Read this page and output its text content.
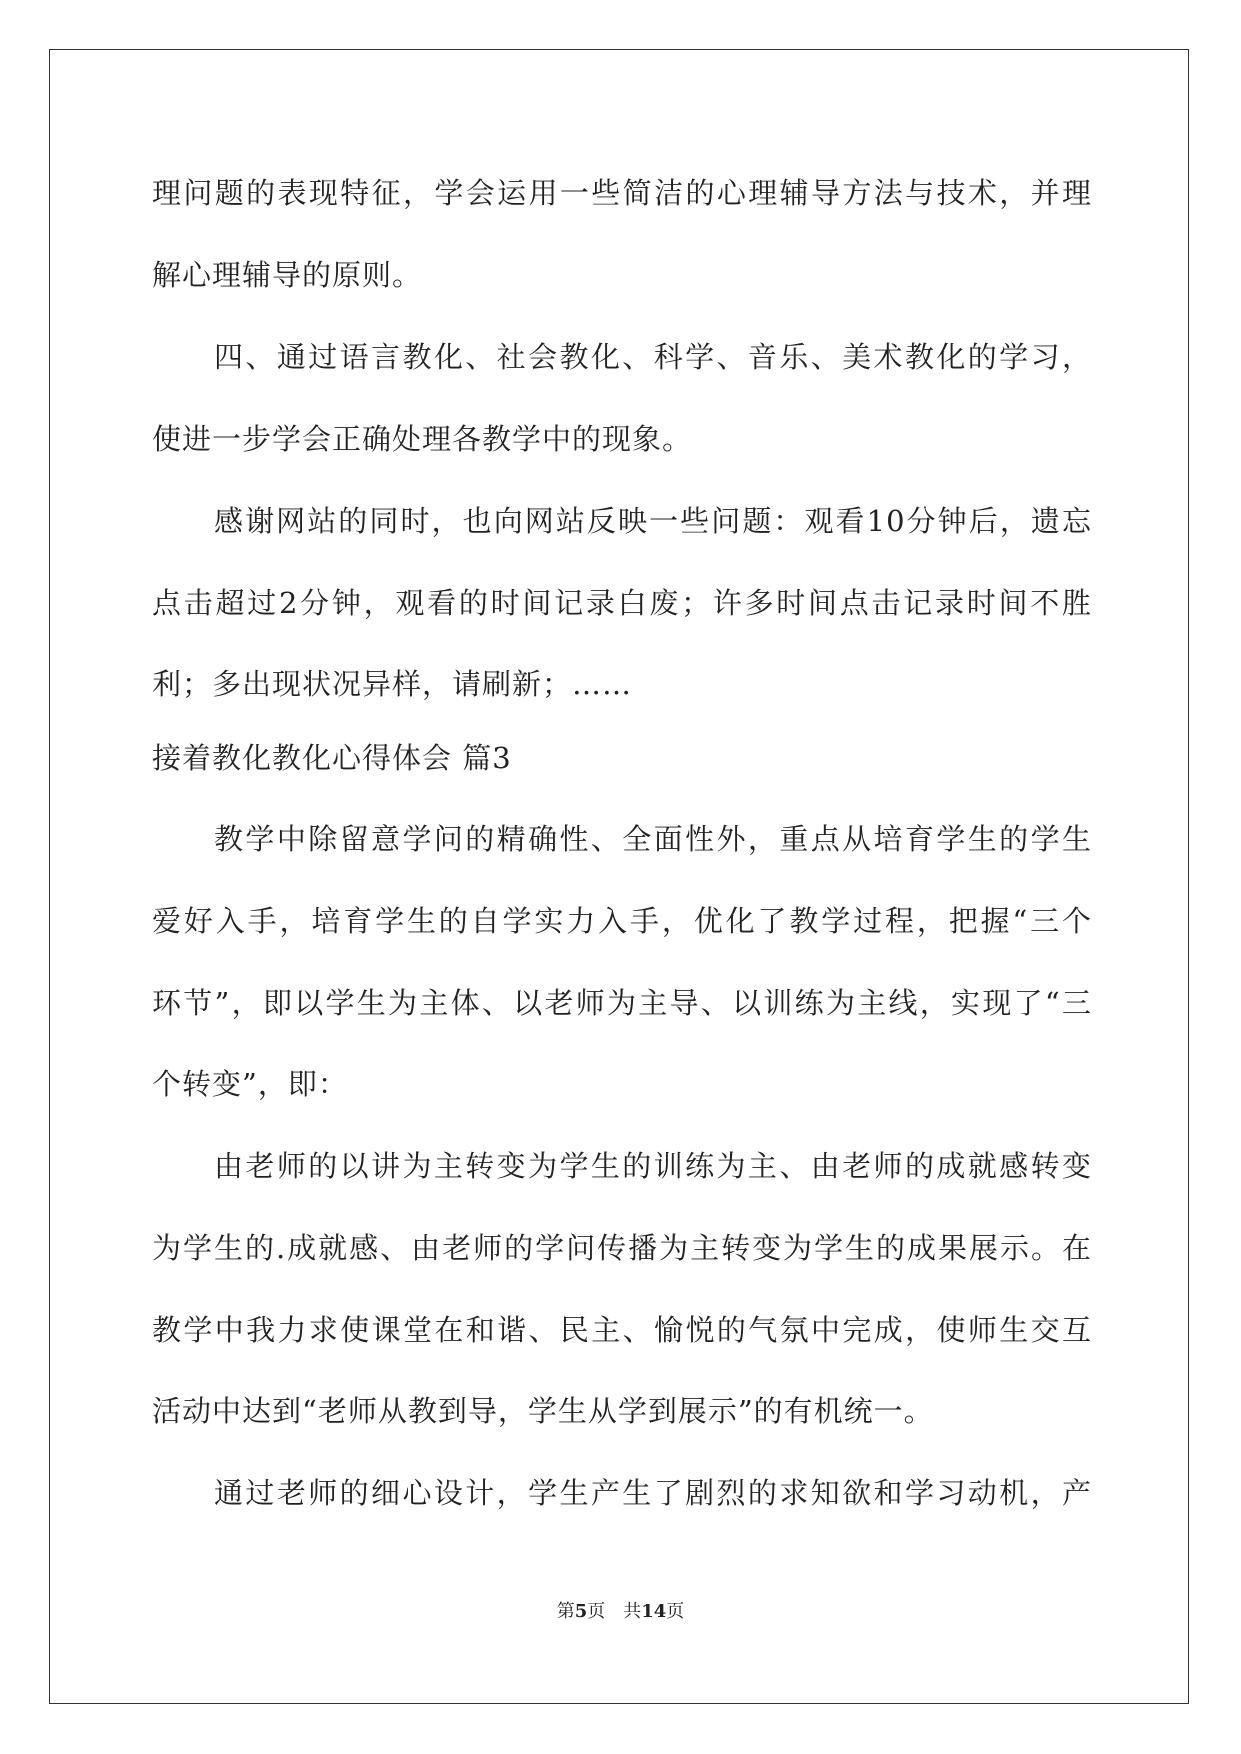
理问题的表现特征，学会运用一些简洁的心理辅导方法与技术，并理
解心理辅导的原则。
四、通过语言教化、社会教化、科学、音乐、美术教化的学习，
使进一步学会正确处理各教学中的现象。
感谢网站的同时，也向网站反映一些问题：观看10分钟后，遗忘
点击超过2分钟，观看的时间记录白废；许多时间点击记录时间不胜
利；多出现状况异样，请刷新；……
接着教化教化心得体会 篇3
教学中除留意学问的精确性、全面性外，重点从培育学生的学生
爱好入手，培育学生的自学实力入手，优化了教学过程，把握“三个
环节”，即以学生为主体、以老师为主导、以训练为主线，实现了“三
个转变”，即：
由老师的以讲为主转变为学生的训练为主、由老师的成就感转变
为学生的.成就感、由老师的学问传播为主转变为学生的成果展示。在
教学中我力求使课堂在和谐、民主、愉悦的气氛中完成，使师生交互
活动中达到“老师从教到导，学生从学到展示”的有机统一。
通过老师的细心设计，学生产生了剧烈的求知欲和学习动机，产
第5页　共14页
